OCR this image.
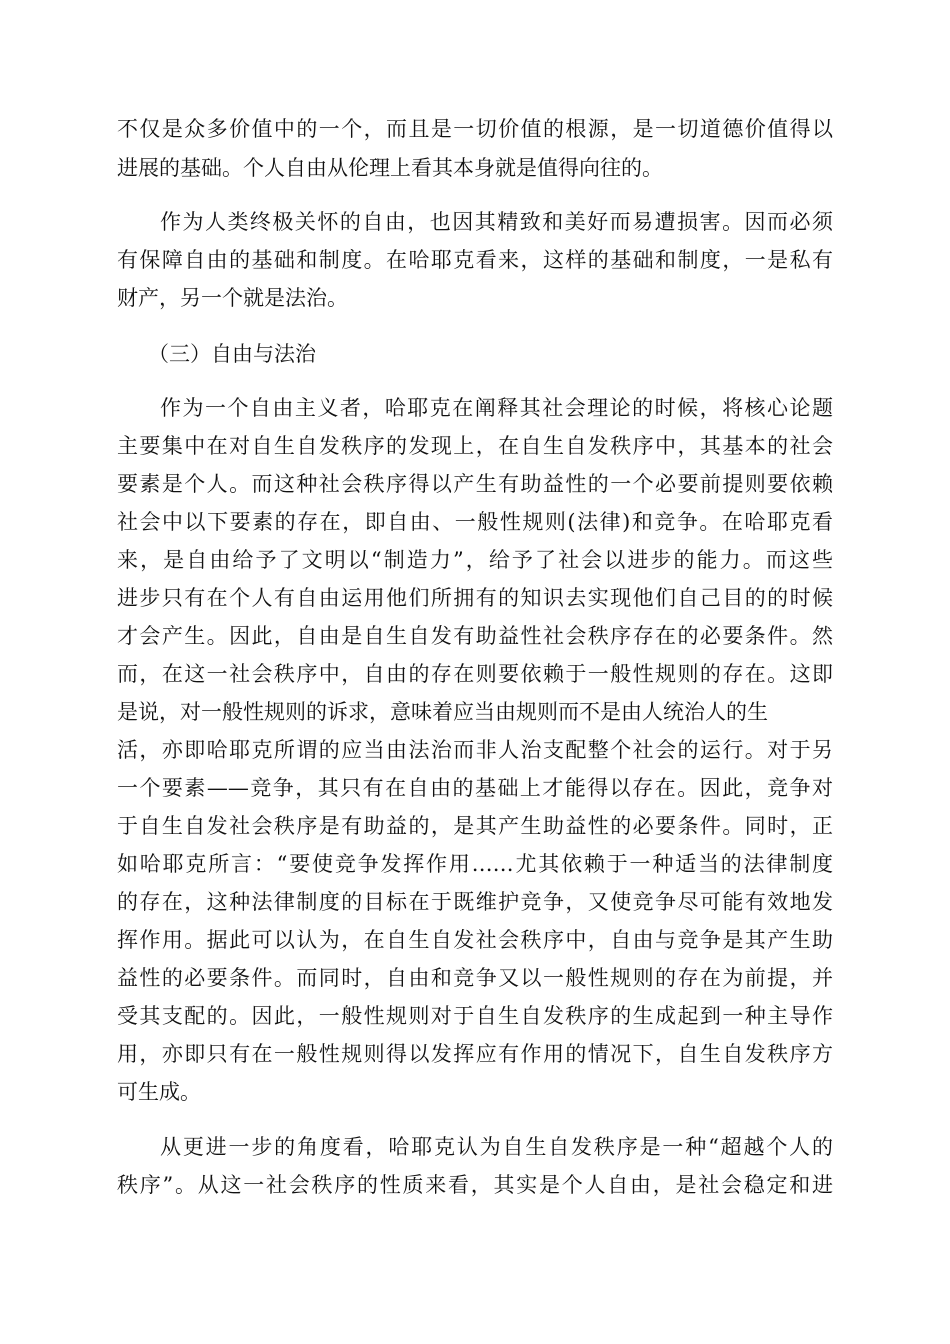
不仅是众多价值中的一个，而且是一切价值的根源，是一切道德价值得以
进展的基础。个人自由从伦理上看其本身就是值得向往的。
作为人类终极关怀的自由，也因其精致和美好而易遭损害。因而必须
有保障自由的基础和制度。在哈耶克看来，这样的基础和制度，一是私有
财产，另一个就是法治。
（三）自由与法治
作为一个自由主义者，哈耶克在阐释其社会理论的时候，将核心论题
主要集中在对自生自发秩序的发现上，在自生自发秩序中，其基本的社会
要素是个人。而这种社会秩序得以产生有助益性的一个必要前提则要依赖
社会中以下要素的存在，即自由、一般性规则(法律)和竞争。在哈耶克看
来，是自由给予了文明以“制造力”，给予了社会以进步的能力。而这些
进步只有在个人有自由运用他们所拥有的知识去实现他们自己目的的时候
才会产生。因此，自由是自生自发有助益性社会秩序存在的必要条件。然
而，在这一社会秩序中，自由的存在则要依赖于一般性规则的存在。这即
是说，对一般性规则的诉求，意味着应当由规则而不是由人统治人的生
活，亦即哈耶克所谓的应当由法治而非人治支配整个社会的运行。对于另
一个要素——竞争，其只有在自由的基础上才能得以存在。因此，竞争对
于自生自发社会秩序是有助益的，是其产生助益性的必要条件。同时，正
如哈耶克所言：“要使竞争发挥作用……尤其依赖于一种适当的法律制度
的存在，这种法律制度的目标在于既维护竞争，又使竞争尽可能有效地发
挥作用。据此可以认为，在自生自发社会秩序中，自由与竞争是其产生助
益性的必要条件。而同时，自由和竞争又以一般性规则的存在为前提，并
受其支配的。因此，一般性规则对于自生自发秩序的生成起到一种主导作
用，亦即只有在一般性规则得以发挥应有作用的情况下，自生自发秩序方
可生成。
从更进一步的角度看，哈耶克认为自生自发秩序是一种“超越个人的
秩序”。从这一社会秩序的性质来看，其实是个人自由，是社会稳定和进
